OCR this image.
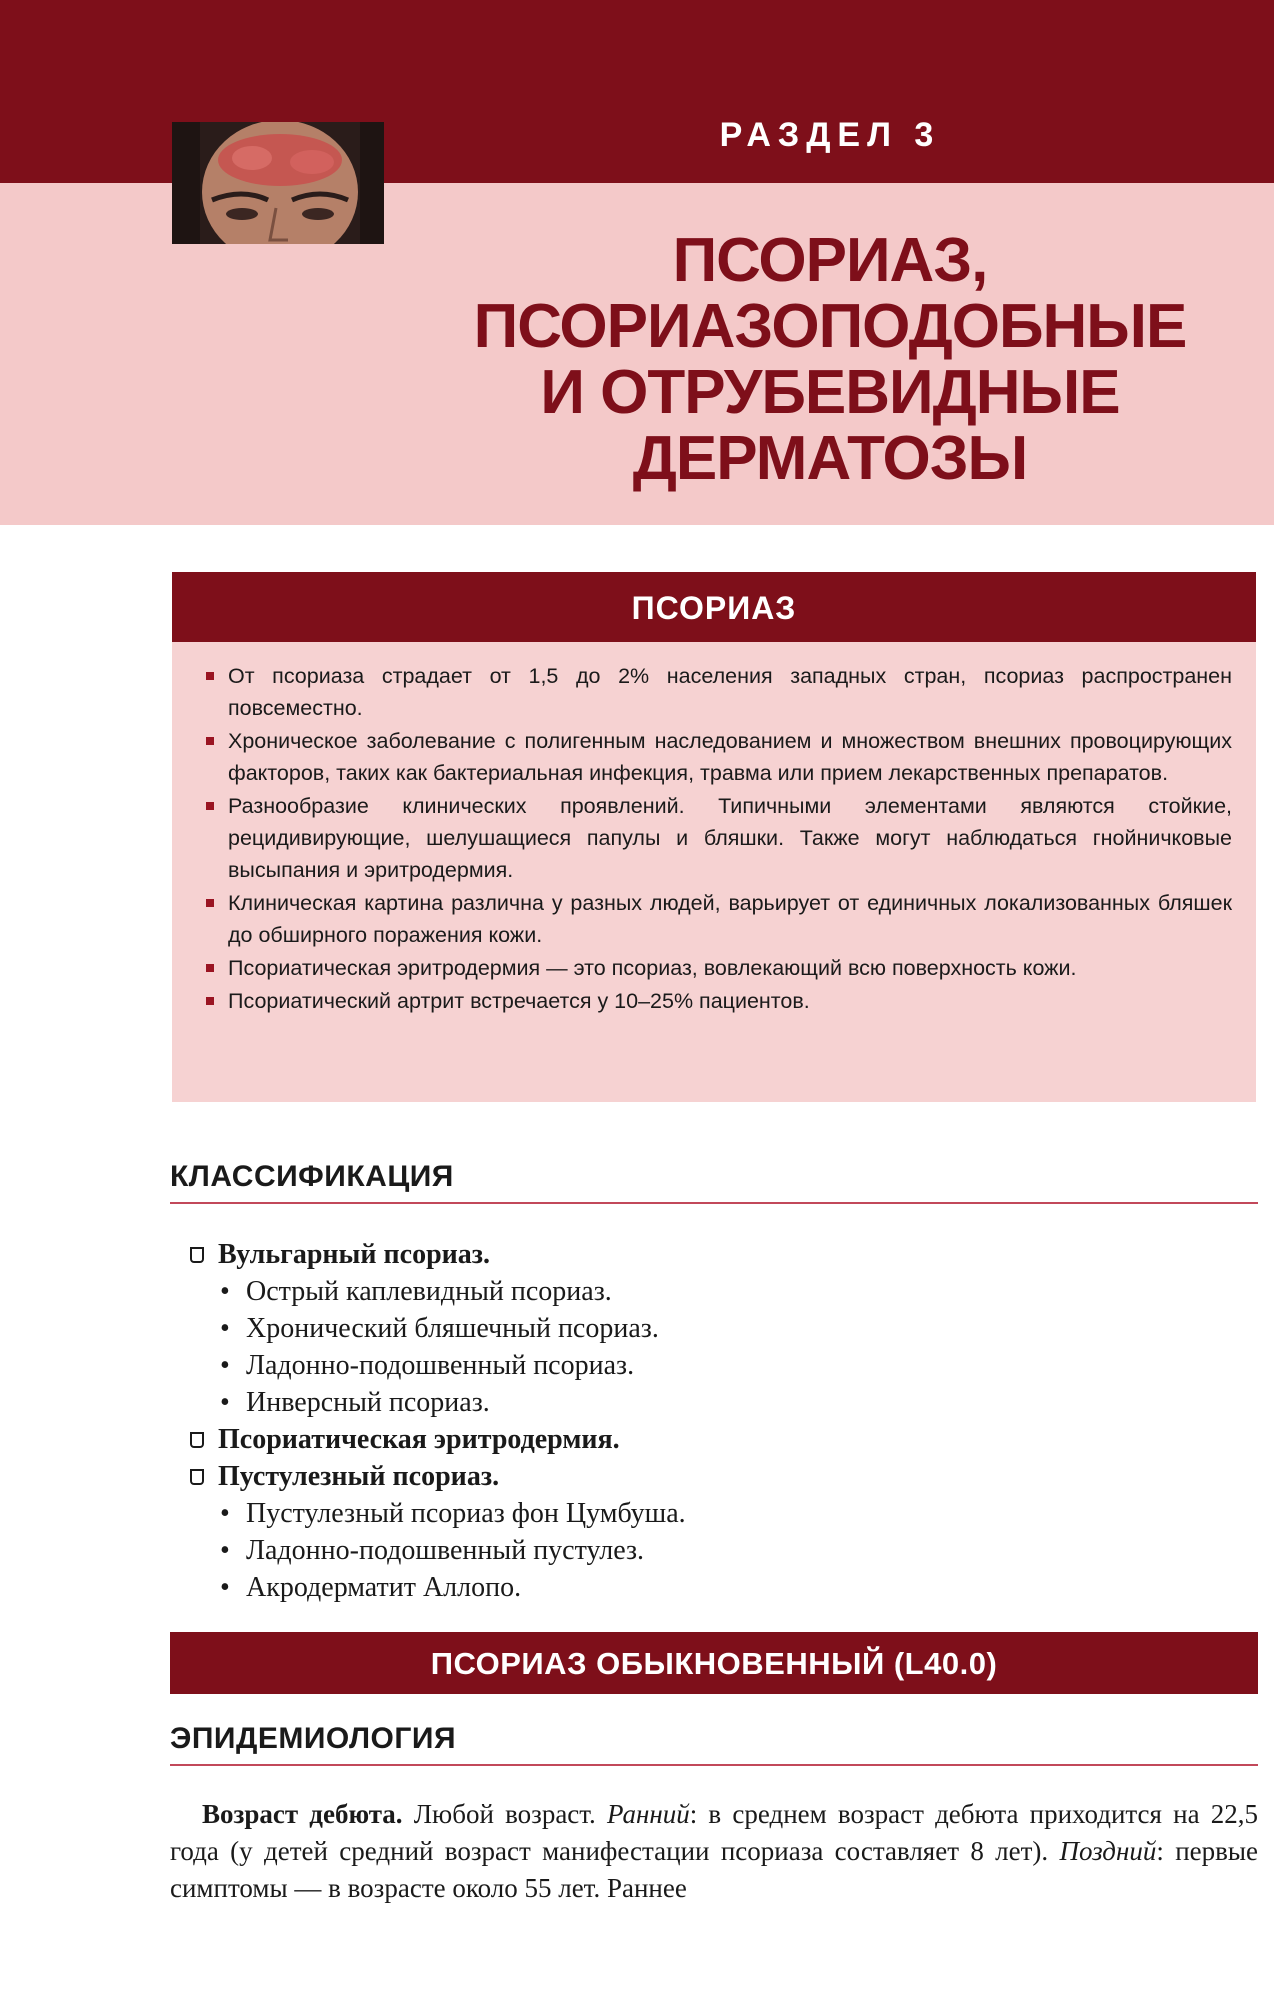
РАЗДЕЛ 3
ПСОРИАЗ,
ПСОРИАЗОПОДОБНЫЕ
И ОТРУБЕВИДНЫЕ
ДЕРМАТОЗЫ
ПСОРИАЗ
От псориаза страдает от 1,5 до 2% населения западных стран, псориаз распространен повсеместно.
Хроническое заболевание с полигенным наследованием и множеством внешних провоцирующих факторов, таких как бактериальная инфекция, травма или прием лекарственных препаратов.
Разнообразие клинических проявлений. Типичными элементами являются стойкие, рецидивирующие, шелушащиеся папулы и бляшки. Также могут наблюдаться гнойничковые высыпания и эритродермия.
Клиническая картина различна у разных людей, варьирует от единичных локализованных бляшек до обширного поражения кожи.
Псориатическая эритродермия — это псориаз, вовлекающий всю поверхность кожи.
Псориатический артрит встречается у 10–25% пациентов.
КЛАССИФИКАЦИЯ
Вульгарный псориаз.
• Острый каплевидный псориаз.
• Хронический бляшечный псориаз.
• Ладонно-подошвенный псориаз.
• Инверсный псориаз.
Псориатическая эритродермия.
Пустулезный псориаз.
• Пустулезный псориаз фон Цумбуша.
• Ладонно-подошвенный пустулез.
• Акродерматит Аллопо.
ПСОРИАЗ ОБЫКНОВЕННЫЙ (L40.0)
ЭПИДЕМИОЛОГИЯ
Возраст дебюта. Любой возраст. Ранний: в среднем возраст дебюта приходится на 22,5 года (у детей средний возраст манифестации псориаза составляет 8 лет). Поздний: первые симптомы — в возрасте около 55 лет. Раннее
